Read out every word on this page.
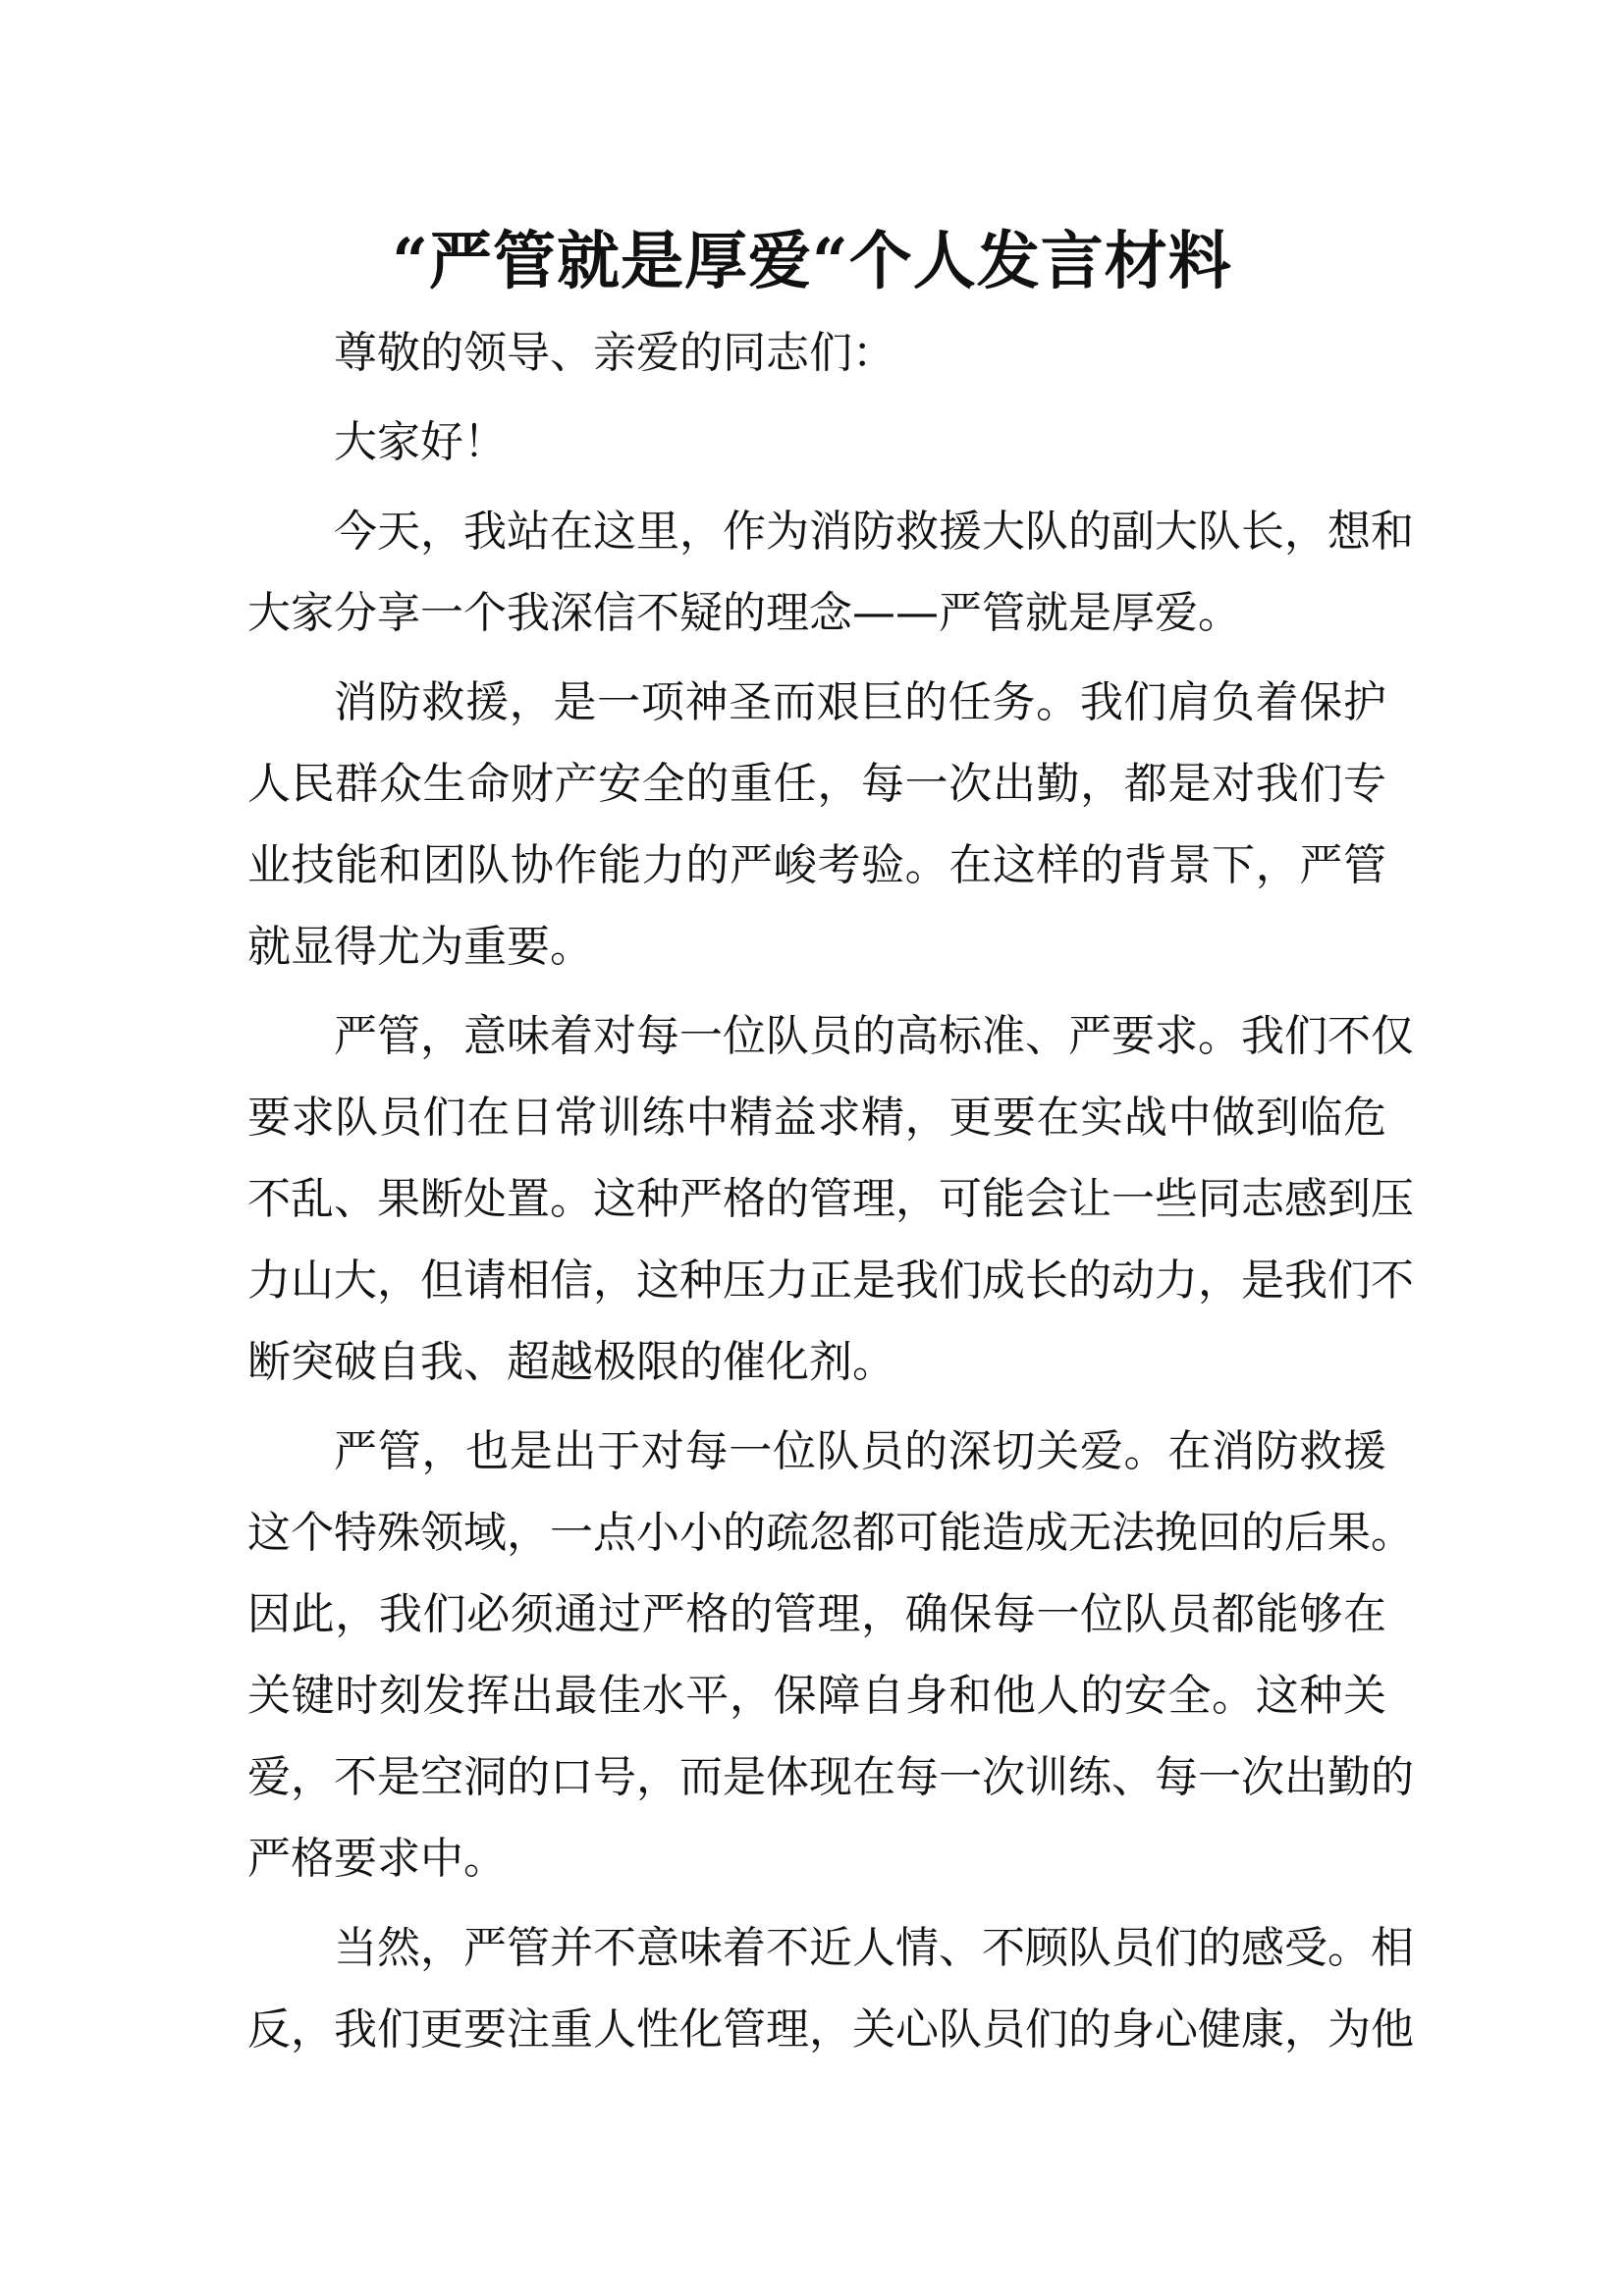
“严管就是厚爱“个人发言材料
尊敬的领导、亲爱的同志们：
大家好！
今天，我站在这里，作为消防救援大队的副大队长，想和
大家分享一个我深信不疑的理念——严管就是厚爱。
消防救援，是一项神圣而艰巨的任务。我们肩负着保护
人民群众生命财产安全的重任，每一次出勤，都是对我们专
业技能和团队协作能力的严峻考验。在这样的背景下，严管
就显得尤为重要。
严管，意味着对每一位队员的高标准、严要求。我们不仅
要求队员们在日常训练中精益求精，更要在实战中做到临危
不乱、果断处置。这种严格的管理，可能会让一些同志感到压
力山大，但请相信，这种压力正是我们成长的动力，是我们不
断突破自我、超越极限的催化剂。
严管，也是出于对每一位队员的深切关爱。在消防救援
这个特殊领域，一点小小的疏忽都可能造成无法挽回的后果。
因此，我们必须通过严格的管理，确保每一位队员都能够在
关键时刻发挥出最佳水平，保障自身和他人的安全。这种关
爱，不是空洞的口号，而是体现在每一次训练、每一次出勤的
严格要求中。
当然，严管并不意味着不近人情、不顾队员们的感受。相
反，我们更要注重人性化管理，关心队员们的身心健康，为他
